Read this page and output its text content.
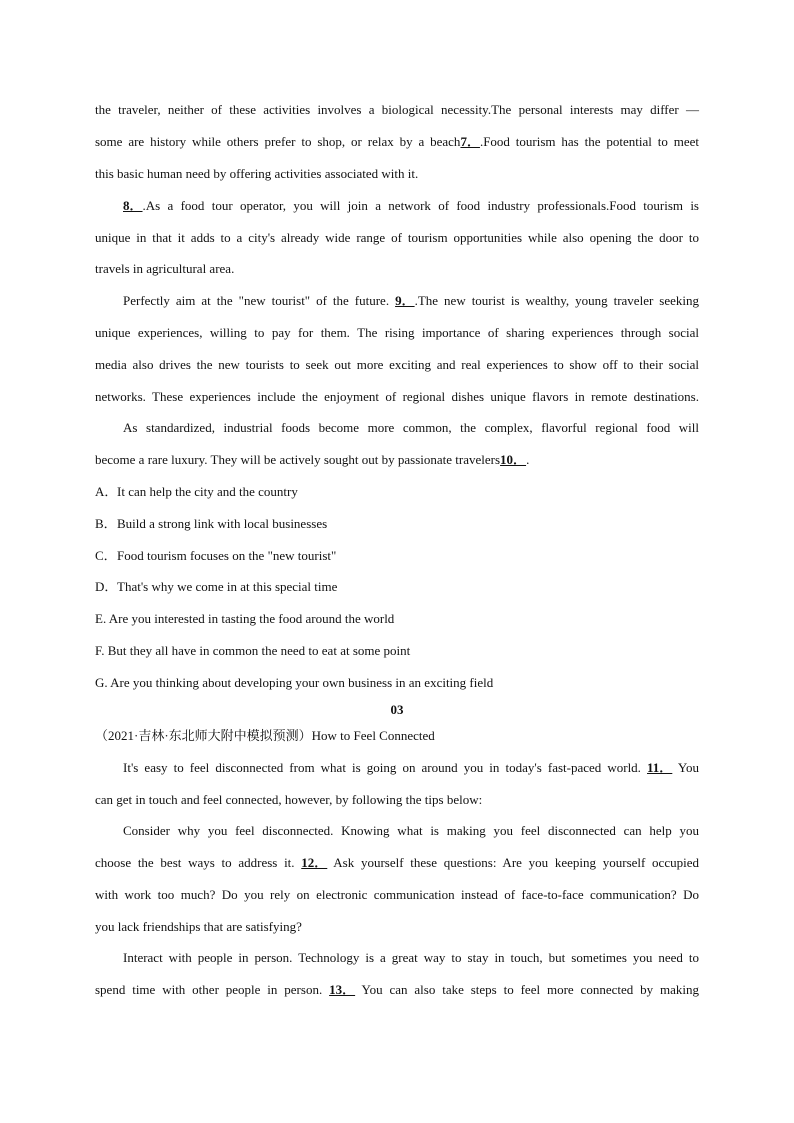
the traveler, neither of these activities involves a biological necessity.The personal interests may differ —
some are history while others prefer to shop, or relax by a beach7．.Food tourism has the potential to meet
this basic human need by offering activities associated with it.
8．.As a food tour operator, you will join a network of food industry professionals.Food tourism is
unique in that it adds to a city's already wide range of tourism opportunities while also opening the door to
travels in agricultural area.
Perfectly aim at the "new tourist" of the future. 9．.The new tourist is wealthy, young traveler seeking
unique experiences, willing to pay for them. The rising importance of sharing experiences through social
media also drives the new tourists to seek out more exciting and real experiences to show off to their social
networks. These experiences include the enjoyment of regional dishes unique flavors in remote destinations.
As standardized, industrial foods become more common, the complex, flavorful regional food will
become a rare luxury. They will be actively sought out by passionate travelers10．.
A．It can help the city and the country
B．Build a strong link with local businesses
C．Food tourism focuses on the "new tourist"
D．That's why we come in at this special time
E. Are you interested in tasting the food around the world
F. But they all have in common the need to eat at some point
G. Are you thinking about developing your own business in an exciting field
03
（2021·吉林·东北师大附中模拟预测）How to Feel Connected
It's easy to feel disconnected from what is going on around you in today's fast-paced world. 11． You
can get in touch and feel connected, however, by following the tips below:
Consider why you feel disconnected. Knowing what is making you feel disconnected can help you
choose the best ways to address it. 12． Ask yourself these questions: Are you keeping yourself occupied
with work too much? Do you rely on electronic communication instead of face-to-face communication? Do
you lack friendships that are satisfying?
Interact with people in person. Technology is a great way to stay in touch, but sometimes you need to
spend time with other people in person. 13． You can also take steps to feel more connected by making
